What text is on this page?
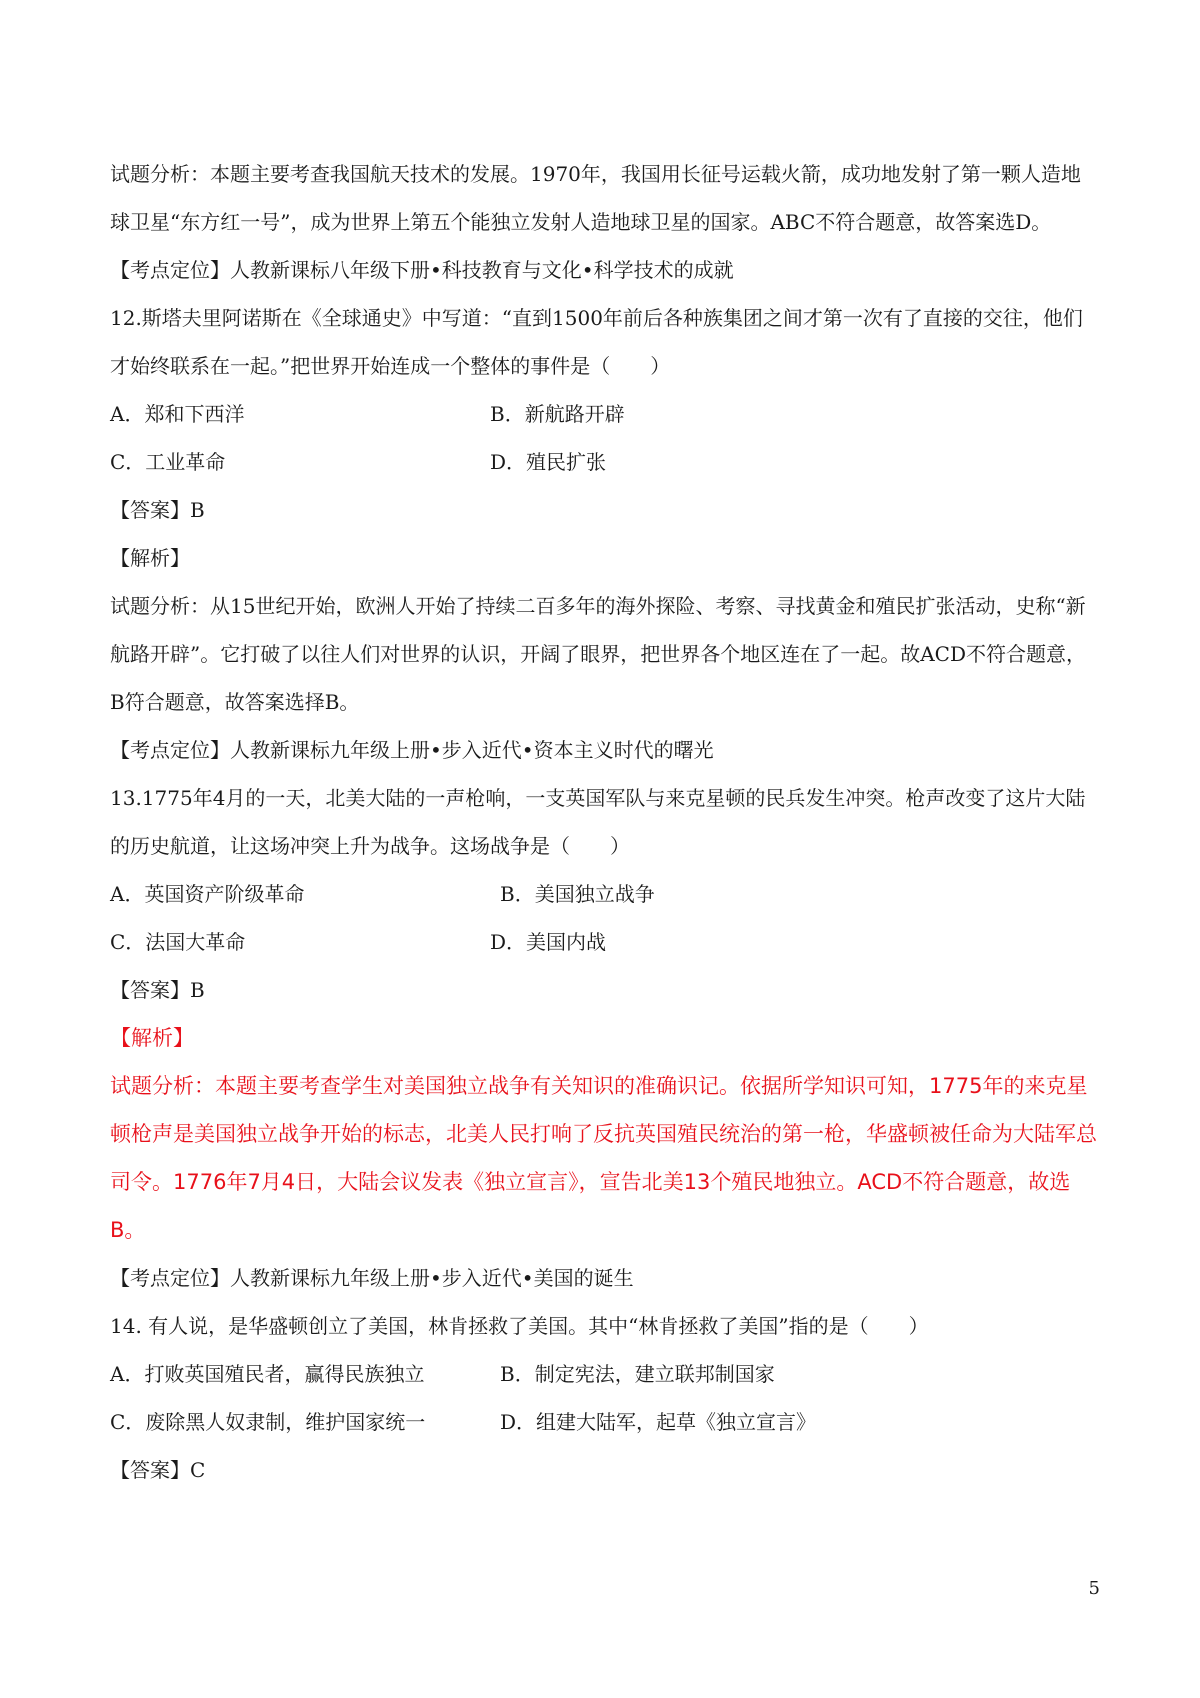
试题分析：本题主要考查我国航天技术的发展。1970年，我国用长征号运载火箭，成功地发射了第一颗人造地球卫星“东方红一号”，成为世界上第五个能独立发射人造地球卫星的国家。ABC不符合题意，故答案选D。

【考点定位】人教新课标八年级下册•科技教育与文化•科学技术的成就

12.斯塔夫里阿诺斯在《全球通史》中写道：“直到1500年前后各种族集团之间才第一次有了直接的交往，他们才始终联系在一起。”把世界开始连成一个整体的事件是（　　）

A．郑和下西洋	B．新航路开辟
C．工业革命	D．殖民扩张

【答案】B

【解析】

试题分析：从15世纪开始，欧洲人开始了持续二百多年的海外探险、考察、寻找黄金和殖民扩张活动，史称“新航路开辟”。它打破了以往人们对世界的认识，开阔了眼界，把世界各个地区连在了一起。故ACD不符合题意，B符合题意，故答案选择B。

【考点定位】人教新课标九年级上册•步入近代•资本主义时代的曙光

13.1775年4月的一天，北美大陆的一声枪响，一支英国军队与来克星顿的民兵发生冲突。枪声改变了这片大陆的历史航道，让这场冲突上升为战争。这场战争是（　　）

A．英国资产阶级革命	B．美国独立战争
C．法国大革命	D．美国内战

【答案】B

【解析】

试题分析：本题主要考查学生对美国独立战争有关知识的准确识记。依据所学知识可知，1775年的来克星顿枪声是美国独立战争开始的标志，北美人民打响了反抗英国殖民统治的第一枪，华盛顿被任命为大陆军总司令。1776年7月4日，大陆会议发表《独立宣言》，宣告北美13个殖民地独立。ACD不符合题意，故选B。

【考点定位】人教新课标九年级上册•步入近代•美国的诞生

14. 有人说，是华盛顿创立了美国，林肯拯救了美国。其中“林肯拯救了美国”指的是（　　）

A．打败英国殖民者，赢得民族独立	B．制定宪法，建立联邦制国家
C．废除黑人奴隶制，维护国家统一	D．组建大陆军，起草《独立宣言》

【答案】C

5
